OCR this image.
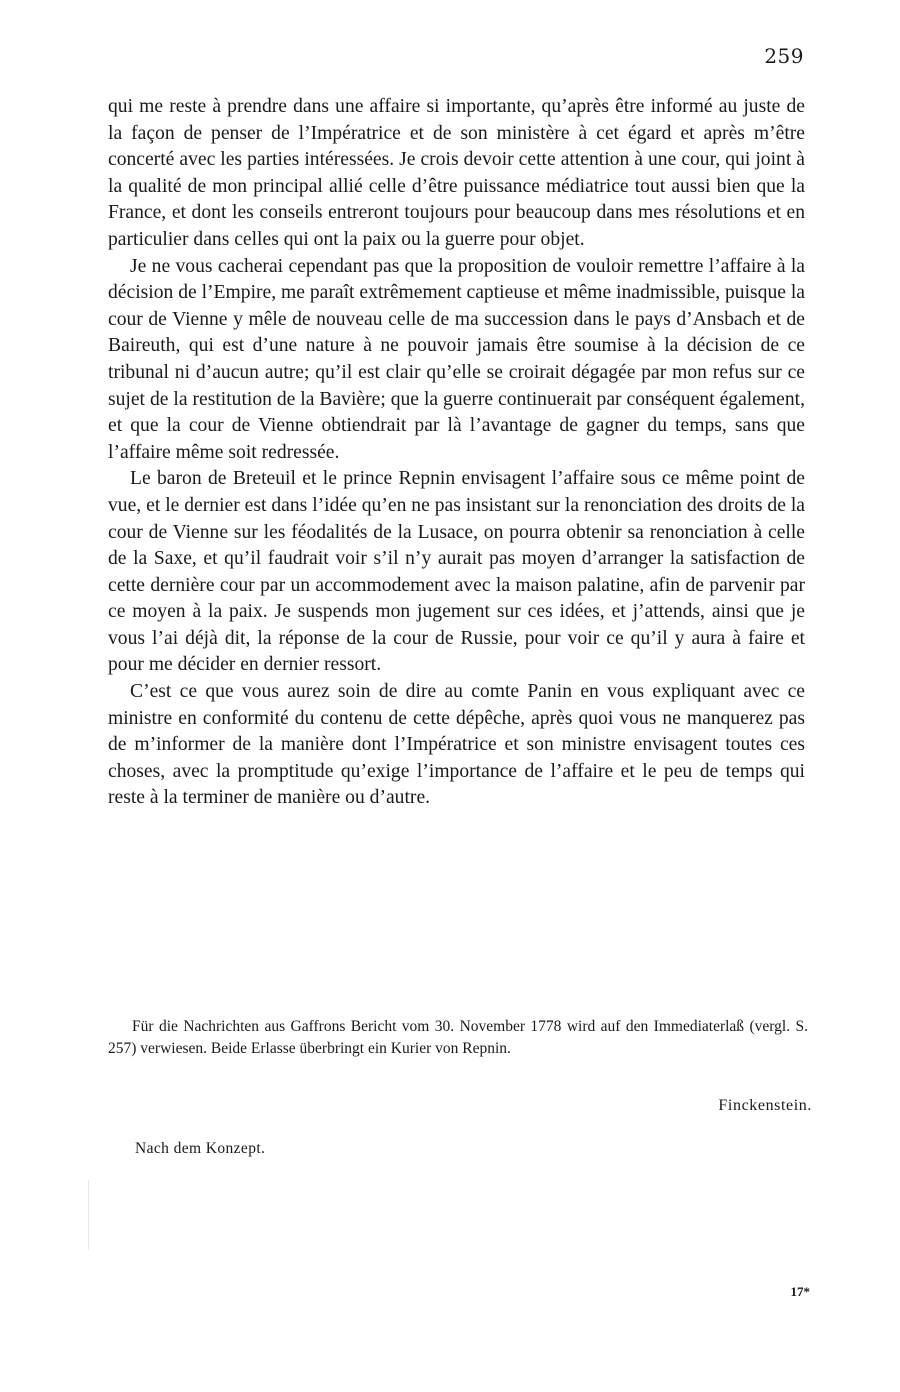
259

qui me reste à prendre dans une affaire si importante, qu’après être informé au juste de la façon de penser de l’Impératrice et de son ministère à cet égard et après m’être concerté avec les parties intéressées. Je crois devoir cette attention à une cour, qui joint à la qualité de mon principal allié celle d’être puissance médiatrice tout aussi bien que la France, et dont les conseils entreront toujours pour beaucoup dans mes résolutions et en particulier dans celles qui ont la paix ou la guerre pour objet.

Je ne vous cacherai cependant pas que la proposition de vouloir remettre l’affaire à la décision de l’Empire, me paraît extrêmement captieuse et même inadmissible, puisque la cour de Vienne y mêle de nouveau celle de ma succession dans le pays d’Ansbach et de Baireuth, qui est d’une nature à ne pouvoir jamais être soumise à la décision de ce tribunal ni d’aucun autre; qu’il est clair qu’elle se croirait dégagée par mon refus sur ce sujet de la restitution de la Bavière; que la guerre continuerait par conséquent également, et que la cour de Vienne obtiendrait par là l’avantage de gagner du temps, sans que l’affaire même soit redressée.

Le baron de Breteuil et le prince Repnin envisagent l’affaire sous ce même point de vue, et le dernier est dans l’idée qu’en ne pas insistant sur la renonciation des droits de la cour de Vienne sur les féodalités de la Lusace, on pourra obtenir sa renonciation à celle de la Saxe, et qu’il faudrait voir s’il n’y aurait pas moyen d’arranger la satisfaction de cette dernière cour par un accommodement avec la maison palatine, afin de parvenir par ce moyen à la paix. Je suspends mon jugement sur ces idées, et j’attends, ainsi que je vous l’ai déjà dit, la réponse de la cour de Russie, pour voir ce qu’il y aura à faire et pour me décider en dernier ressort.

C’est ce que vous aurez soin de dire au comte Panin en vous expliquant avec ce ministre en conformité du contenu de cette dépêche, après quoi vous ne manquerez pas de m’informer de la manière dont l’Impératrice et son ministre envisagent toutes ces choses, avec la promptitude qu’exige l’importance de l’affaire et le peu de temps qui reste à la terminer de manière ou d’autre.

Für die Nachrichten aus Gaffrons Bericht vom 30. November 1778 wird auf den Immediaterlaß (vergl. S. 257) verwiesen. Beide Erlasse überbringt ein Kurier von Repnin.
Finckenstein.
Nach dem Konzept.
17*
